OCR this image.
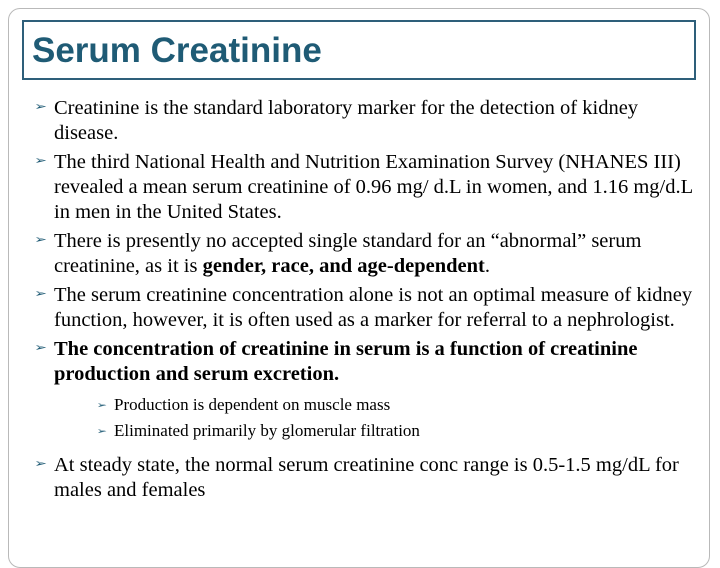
Serum Creatinine
➢ Creatinine is the standard laboratory marker for the detection of kidney disease.
➢ The third National Health and Nutrition Examination Survey (NHANES III) revealed a mean serum creatinine of 0.96 mg/ d.L in women, and 1.16 mg/d.L in men in the United States.
➢ There is presently no accepted single standard for an “abnormal” serum creatinine, as it is gender, race, and age-dependent.
➢ The serum creatinine concentration alone is not an optimal measure of kidney function, however, it is often used as a marker for referral to a nephrologist.
➢ The concentration of creatinine in serum is a function of creatinine production and serum excretion.
➢ Production is dependent on muscle mass
➢ Eliminated primarily by glomerular filtration
➢ At steady state, the normal serum creatinine conc range is 0.5-1.5 mg/dL for males and females
